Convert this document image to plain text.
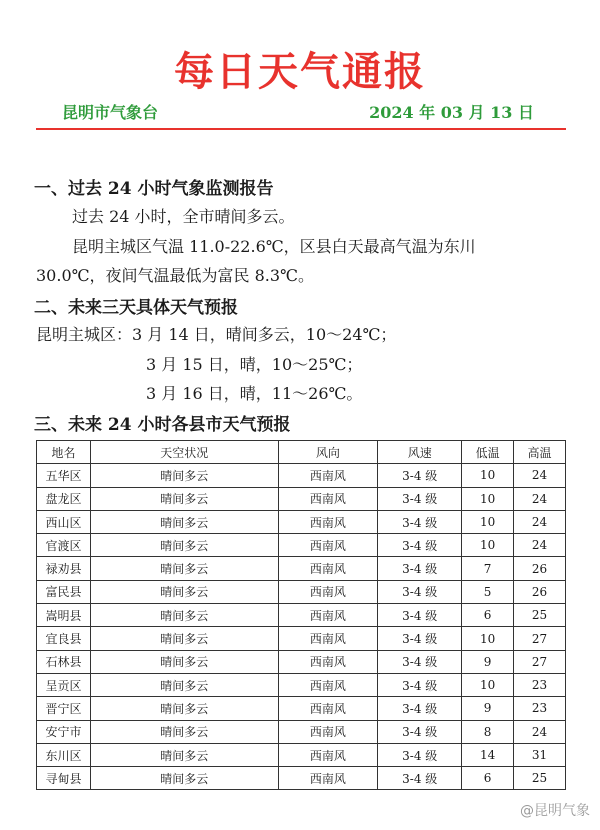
每日天气通报
昆明市气象台	2024 年 03 月 13 日
一、过去 24 小时气象监测报告
过去 24 小时，全市晴间多云。
昆明主城区气温 11.0-22.6℃，区县白天最高气温为东川
30.0℃，夜间气温最低为富民 8.3℃。
二、未来三天具体天气预报
昆明主城区：3 月 14 日，晴间多云，10～24℃；
3 月 15 日，晴，10～25℃；
3 月 16 日，晴，11～26℃。
三、未来 24 小时各县市天气预报
地名	天空状况	风向	风速	低温	高温
五华区	晴间多云	西南风	3-4 级	10	24
盘龙区	晴间多云	西南风	3-4 级	10	24
西山区	晴间多云	西南风	3-4 级	10	24
官渡区	晴间多云	西南风	3-4 级	10	24
禄劝县	晴间多云	西南风	3-4 级	7	26
富民县	晴间多云	西南风	3-4 级	5	26
嵩明县	晴间多云	西南风	3-4 级	6	25
宜良县	晴间多云	西南风	3-4 级	10	27
石林县	晴间多云	西南风	3-4 级	9	27
呈贡区	晴间多云	西南风	3-4 级	10	23
晋宁区	晴间多云	西南风	3-4 级	9	23
安宁市	晴间多云	西南风	3-4 级	8	24
东川区	晴间多云	西南风	3-4 级	14	31
寻甸县	晴间多云	西南风	3-4 级	6	25
@昆明气象
